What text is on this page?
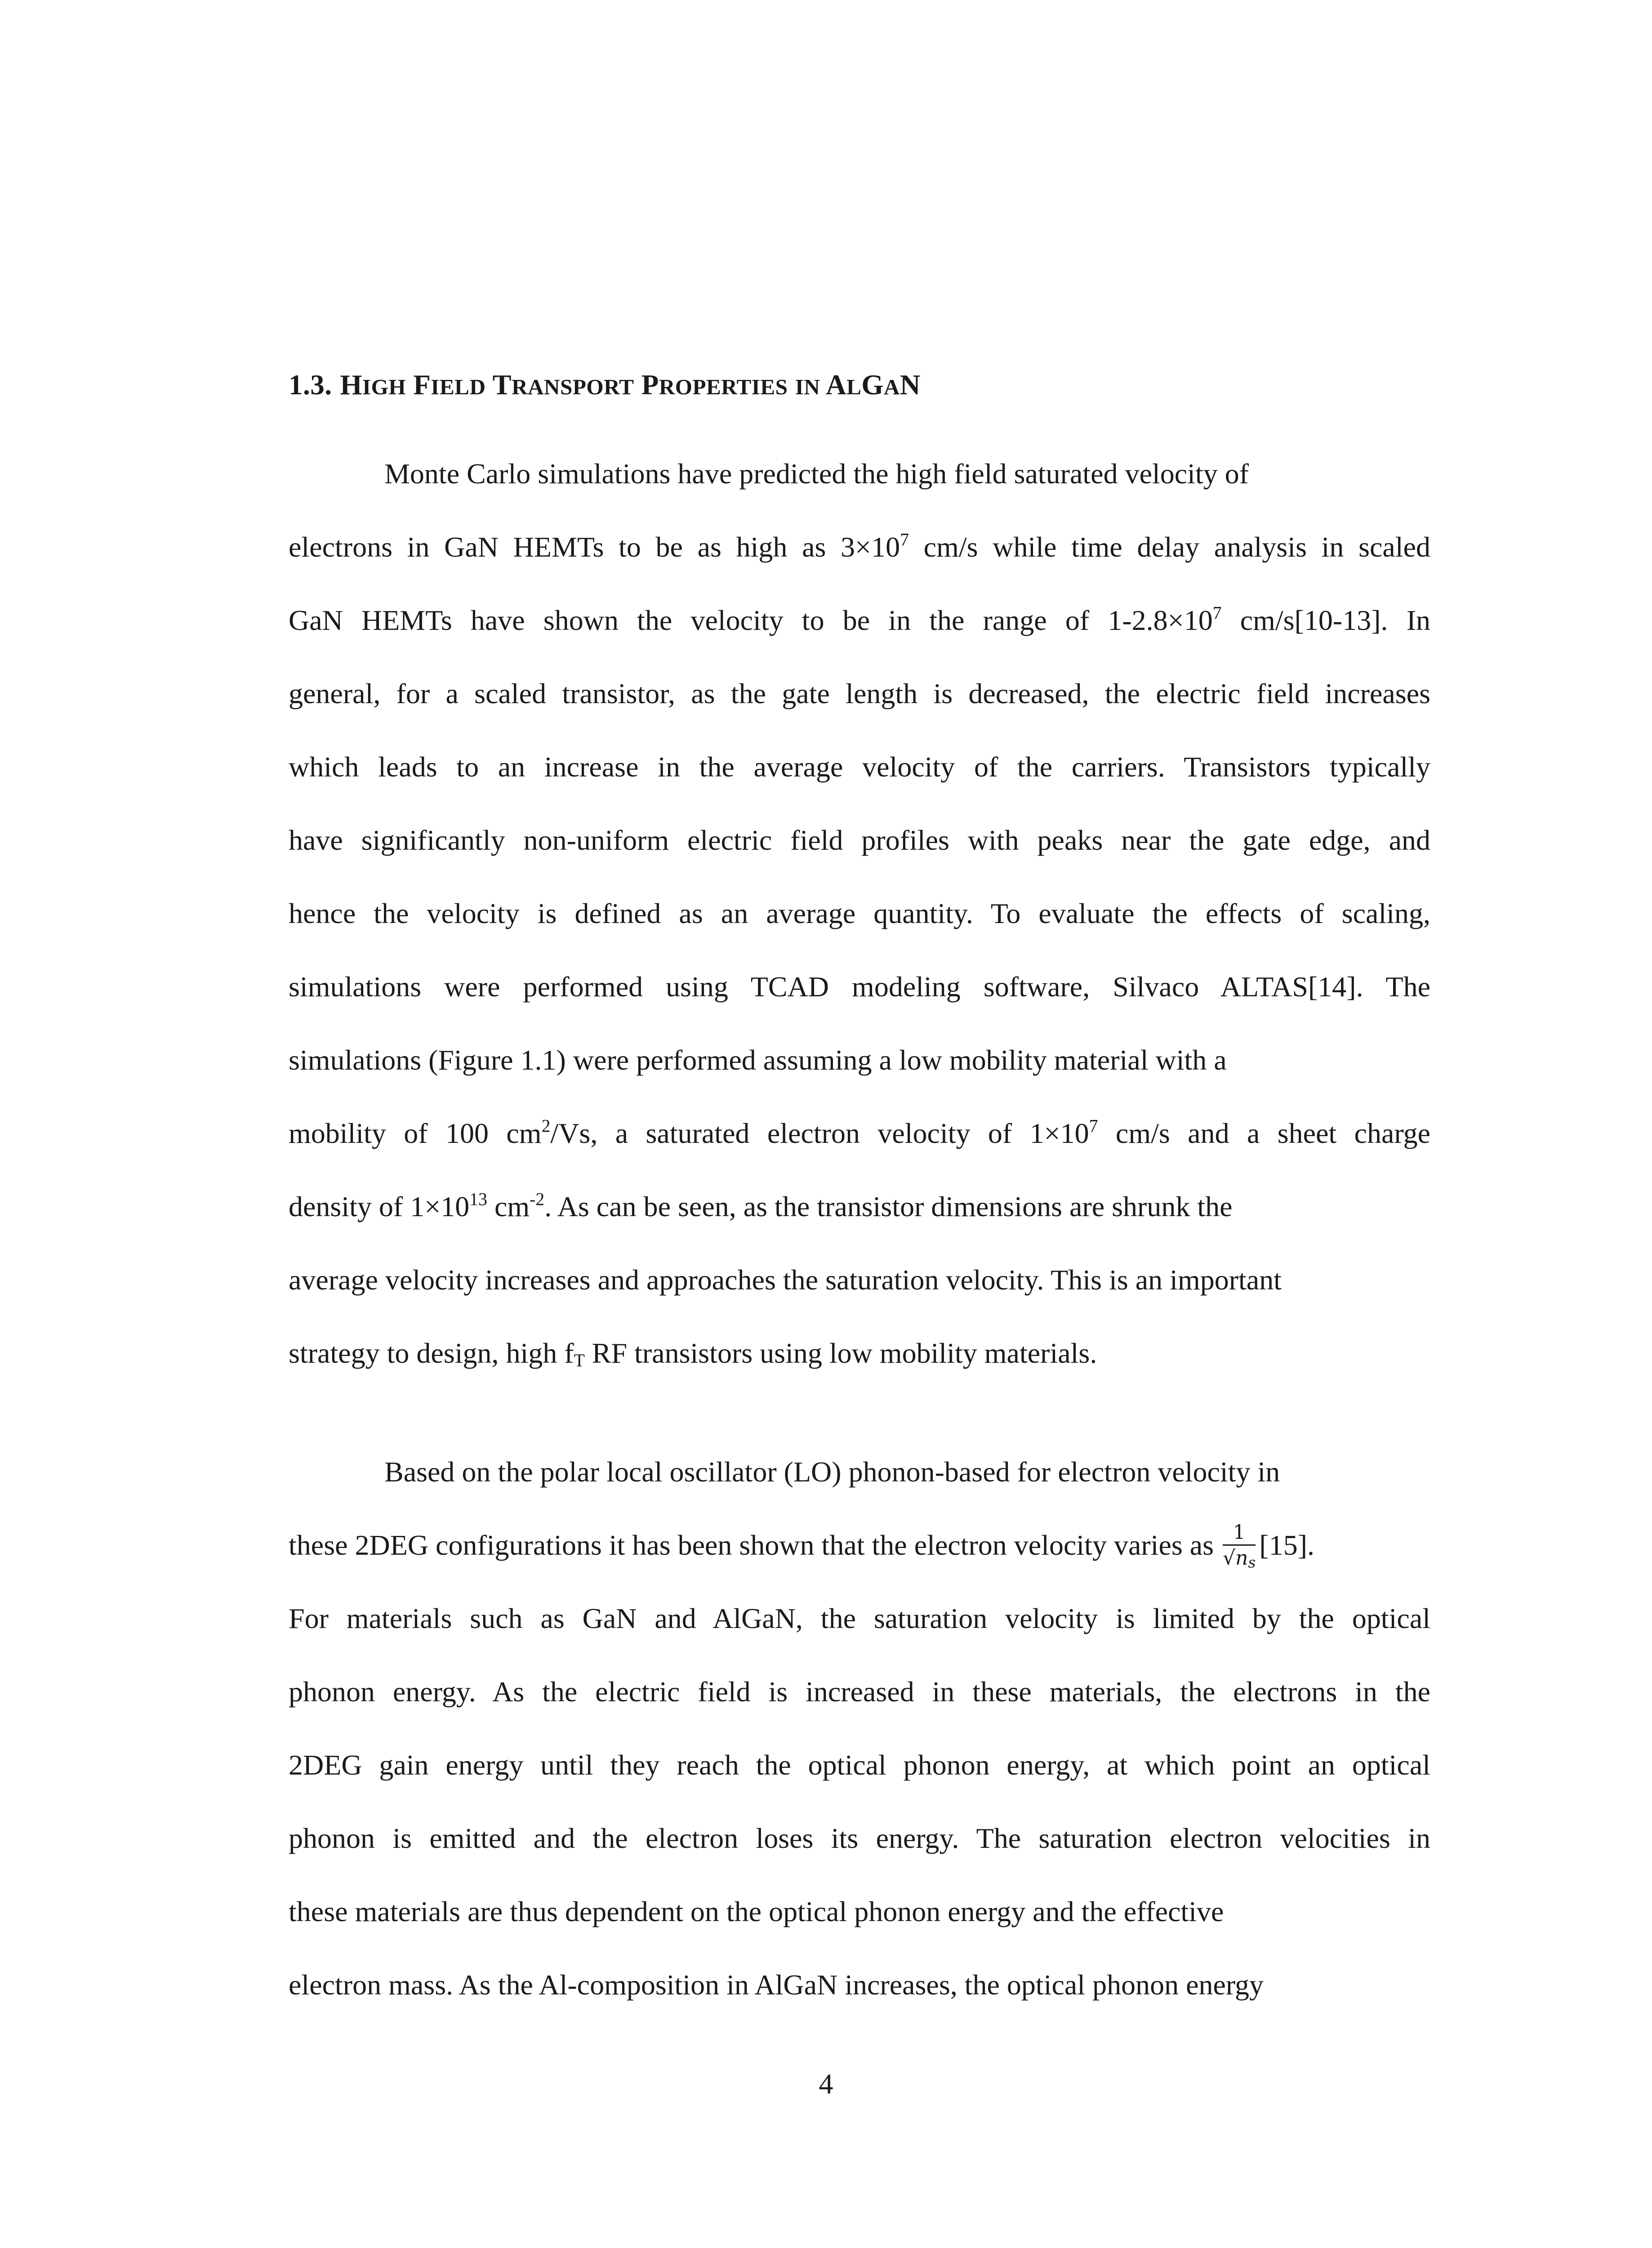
1.3. HIGH FIELD TRANSPORT PROPERTIES IN ALGAN
Monte Carlo simulations have predicted the high field saturated velocity of
electrons in GaN HEMTs to be as high as $3\times 10^7$ cm/s while time delay analysis in scaled
GaN HEMTs have shown the velocity to be in the range of $1-2.8\times 10^7$ cm/s[10-13]. In
general, for a scaled transistor, as the gate length is decreased, the electric field increases
which leads to an increase in the average velocity of the carriers. Transistors typically
have significantly non-uniform electric field profiles with peaks near the gate edge, and
hence the velocity is defined as an average quantity. To evaluate the effects of scaling,
simulations were performed using TCAD modeling software, Silvaco ALTAS[14]. The
simulations (Figure 1.1) were performed assuming a low mobility material with a
mobility of 100 $cm^2/Vs$, a saturated electron velocity of $1\times 10^7$ cm/s and a sheet charge
density of $1\times 10^{13}$ $cm^{-2}$. As can be seen, as the transistor dimensions are shrunk the
average velocity increases and approaches the saturation velocity. This is an important
strategy to design, high $f_T$ RF transistors using low mobility materials.
Based on the polar local oscillator (LO) phonon-based for electron velocity in
these 2DEG configurations it has been shown that the electron velocity varies as $\frac{1}{√n_s} [15]$.
For materials such as GaN and AlGaN, the saturation velocity is limited by the optical
phonon energy. As the electric field is increased in these materials, the electrons in the
2DEG gain energy until they reach the optical phonon energy, at which point an optical
phonon is emitted and the electron loses its energy. The saturation electron velocities in
these materials are thus dependent on the optical phonon energy and the effective
electron mass. As the Al-composition in AlGaN increases, the optical phonon energy
4
